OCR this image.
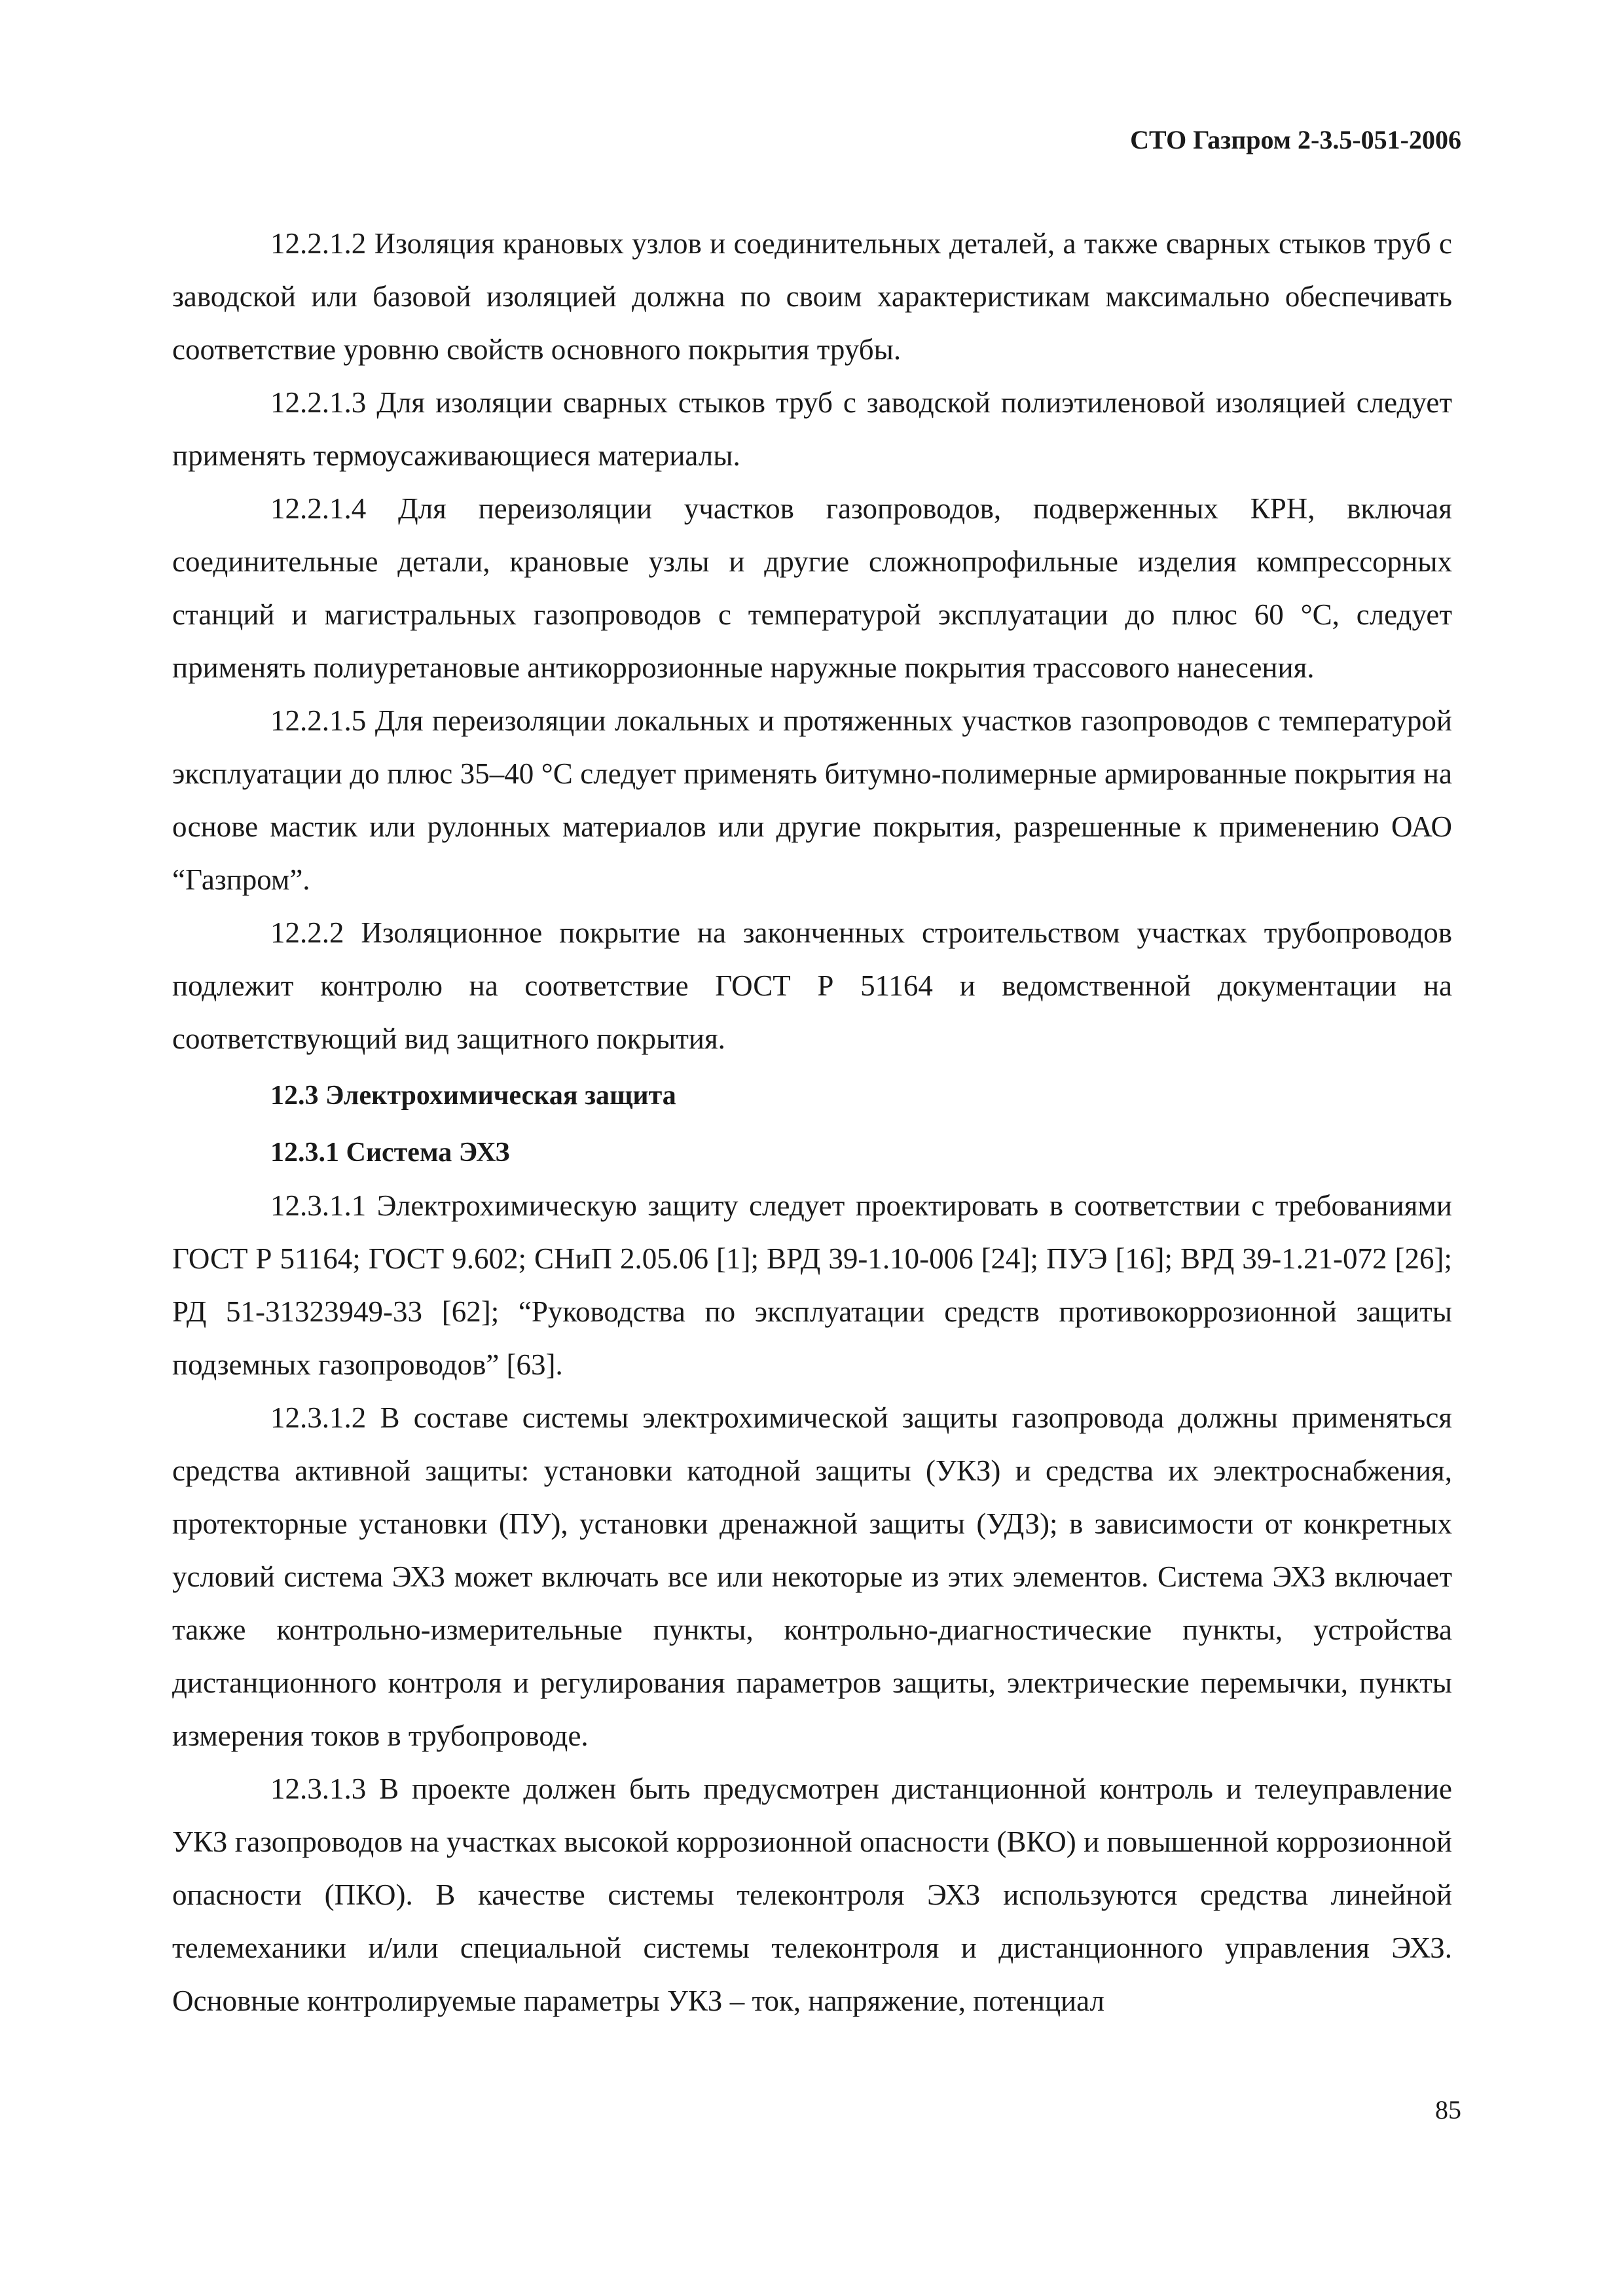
СТО Газпром 2-3.5-051-2006

12.2.1.2 Изоляция крановых узлов и соединительных деталей, а также сварных стыков труб с заводской или базовой изоляцией должна по своим характеристикам максимально обеспечивать соответствие уровню свойств основного покрытия трубы.

12.2.1.3 Для изоляции сварных стыков труб с заводской полиэтиленовой изоляцией следует применять термоусаживающиеся материалы.

12.2.1.4 Для переизоляции участков газопроводов, подверженных КРН, включая соединительные детали, крановые узлы и другие сложнопрофильные изделия компрессорных станций и магистральных газопроводов с температурой эксплуатации до плюс 60 °С, следует применять полиуретановые антикоррозионные наружные покрытия трассового нанесения.

12.2.1.5 Для переизоляции локальных и протяженных участков газопроводов с температурой эксплуатации до плюс 35–40 °С следует применять битумно-полимерные армированные покрытия на основе мастик или рулонных материалов или другие покрытия, разрешенные к применению ОАО “Газпром”.

12.2.2 Изоляционное покрытие на законченных строительством участках трубопроводов подлежит контролю на соответствие ГОСТ Р 51164 и ведомственной документации на соответствующий вид защитного покрытия.

12.3 Электрохимическая защита
12.3.1 Система ЭХЗ

12.3.1.1 Электрохимическую защиту следует проектировать в соответствии с требованиями ГОСТ Р 51164; ГОСТ 9.602; СНиП 2.05.06 [1]; ВРД 39-1.10-006 [24]; ПУЭ [16]; ВРД 39-1.21-072 [26]; РД 51-31323949-33 [62]; “Руководства по эксплуатации средств противокоррозионной защиты подземных газопроводов” [63].

12.3.1.2 В составе системы электрохимической защиты газопровода должны применяться средства активной защиты: установки катодной защиты (УКЗ) и средства их электроснабжения, протекторные установки (ПУ), установки дренажной защиты (УДЗ); в зависимости от конкретных условий система ЭХЗ может включать все или некоторые из этих элементов. Система ЭХЗ включает также контрольно-измерительные пункты, контрольно-диагностические пункты, устройства дистанционного контроля и регулирования параметров защиты, электрические перемычки, пункты измерения токов в трубопроводе.

12.3.1.3 В проекте должен быть предусмотрен дистанционной контроль и телеуправление УКЗ газопроводов на участках высокой коррозионной опасности (ВКО) и повышенной коррозионной опасности (ПКО). В качестве системы телеконтроля ЭХЗ используются средства линейной телемеханики и/или специальной системы телеконтроля и дистанционного управления ЭХЗ. Основные контролируемые параметры УКЗ – ток, напряжение, потенциал

85
